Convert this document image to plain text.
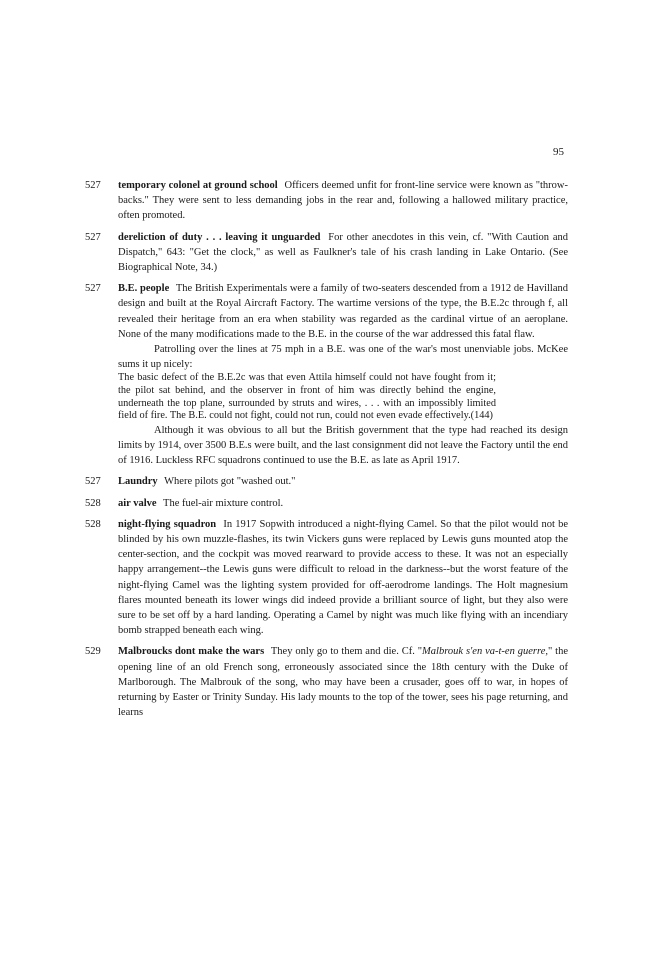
95
527 temporary colonel at ground school Officers deemed unfit for front-line service were known as "throw-backs." They were sent to less demanding jobs in the rear and, following a hallowed military practice, often promoted.

527 dereliction of duty . . . leaving it unguarded For other anecdotes in this vein, cf. "With Caution and Dispatch," 643: "Get the clock," as well as Faulkner's tale of his crash landing in Lake Ontario. (See Biographical Note, 34.)

527 B.E. people The British Experimentals were a family of two-seaters descended from a 1912 de Havilland design and built at the Royal Aircraft Factory. The wartime versions of the type, the B.E.2c through f, all revealed their heritage from an era when stability was regarded as the cardinal virtue of an aeroplane. None of the many modifications made to the B.E. in the course of the war addressed this fatal flaw.

Patrolling over the lines at 75 mph in a B.E. was one of the war's most unenviable jobs. McKee sums it up nicely:

The basic defect of the B.E.2c was that even Attila himself could not have fought from it; the pilot sat behind, and the observer in front of him was directly behind the engine, underneath the top plane, surrounded by struts and wires, . . . with an impossibly limited field of fire. The B.E. could not fight, could not run, could not even evade effectively.(144)

Although it was obvious to all but the British government that the type had reached its design limits by 1914, over 3500 B.E.s were built, and the last consignment did not leave the Factory until the end of 1916. Luckless RFC squadrons continued to use the B.E. as late as April 1917.

527 Laundry Where pilots got "washed out."

528 air valve The fuel-air mixture control.

528 night-flying squadron In 1917 Sopwith introduced a night-flying Camel. So that the pilot would not be blinded by his own muzzle-flashes, its twin Vickers guns were replaced by Lewis guns mounted atop the center-section, and the cockpit was moved rearward to provide access to these. It was not an especially happy arrangement--the Lewis guns were difficult to reload in the darkness--but the worst feature of the night-flying Camel was the lighting system provided for off-aerodrome landings. The Holt magnesium flares mounted beneath its lower wings did indeed provide a brilliant source of light, but they also were sure to be set off by a hard landing. Operating a Camel by night was much like flying with an incendiary bomb strapped beneath each wing.

529 Malbroucks dont make the wars They only go to them and die. Cf. "Malbrouk s'en va-t-en guerre," the opening line of an old French song, erroneously associated since the 18th century with the Duke of Marlborough. The Malbrouk of the song, who may have been a crusader, goes off to war, in hopes of returning by Easter or Trinity Sunday. His lady mounts to the top of the tower, sees his page returning, and learns
